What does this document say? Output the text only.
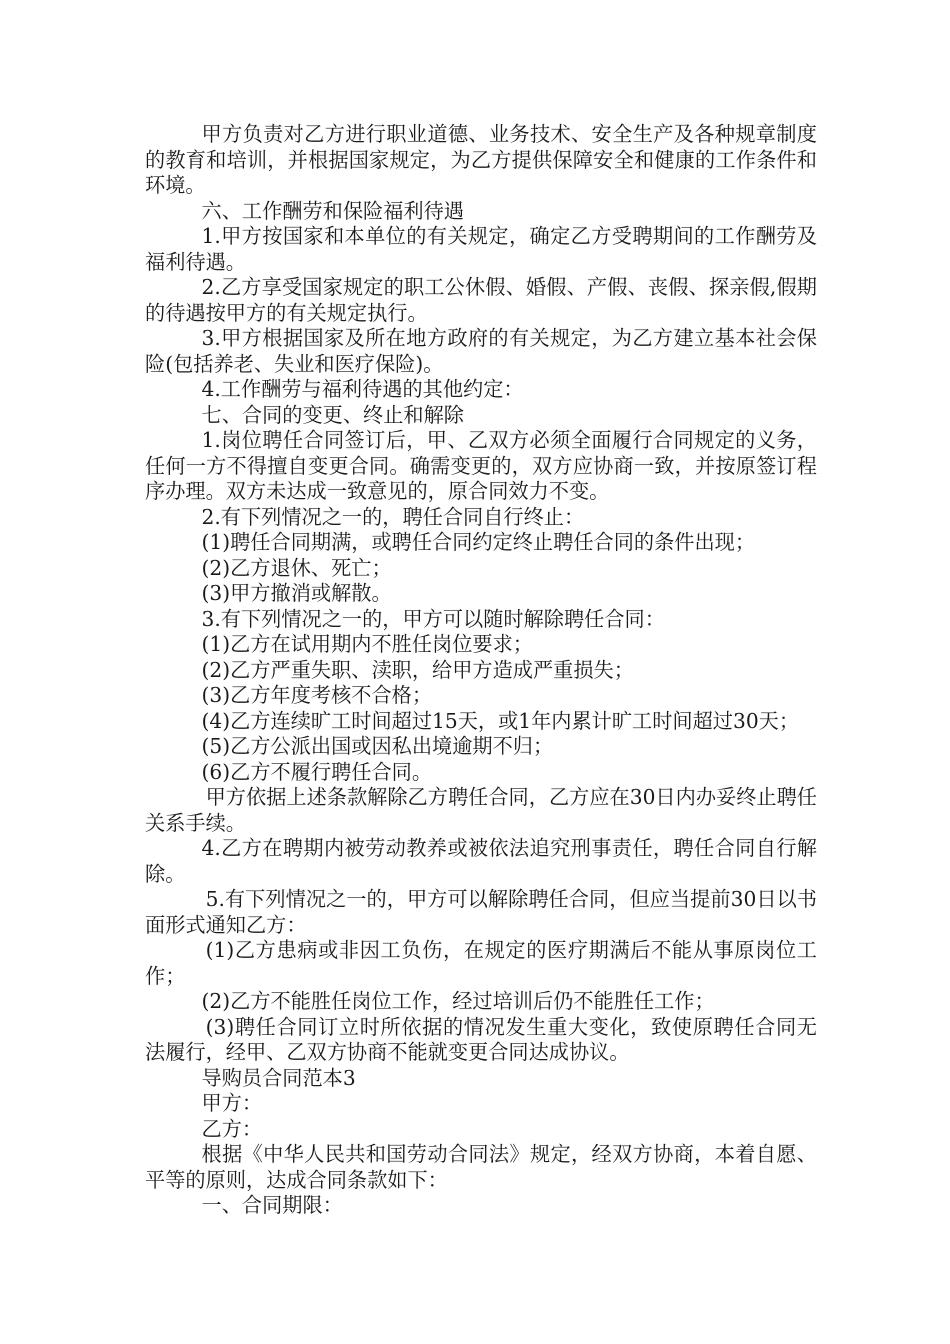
甲方负责对乙方进行职业道德、业务技术、安全生产及各种规章制度的教育和培训，并根据国家规定，为乙方提供保障安全和健康的工作条件和环境。

六、工作酬劳和保险福利待遇

1.甲方按国家和本单位的有关规定，确定乙方受聘期间的工作酬劳及福利待遇。

2.乙方享受国家规定的职工公休假、婚假、产假、丧假、探亲假,假期的待遇按甲方的有关规定执行。

3.甲方根据国家及所在地方政府的有关规定，为乙方建立基本社会保险(包括养老、失业和医疗保险)。

4.工作酬劳与福利待遇的其他约定：

七、合同的变更、终止和解除

1.岗位聘任合同签订后，甲、乙双方必须全面履行合同规定的义务，任何一方不得擅自变更合同。确需变更的，双方应协商一致，并按原签订程序办理。双方未达成一致意见的，原合同效力不变。

2.有下列情况之一的，聘任合同自行终止：

(1)聘任合同期满，或聘任合同约定终止聘任合同的条件出现；

(2)乙方退休、死亡；

(3)甲方撤消或解散。

3.有下列情况之一的，甲方可以随时解除聘任合同：

(1)乙方在试用期内不胜任岗位要求；

(2)乙方严重失职、渎职，给甲方造成严重损失；

(3)乙方年度考核不合格；

(4)乙方连续旷工时间超过15天，或1年内累计旷工时间超过30天；

(5)乙方公派出国或因私出境逾期不归；

(6)乙方不履行聘任合同。

甲方依据上述条款解除乙方聘任合同，乙方应在30日内办妥终止聘任关系手续。

4.乙方在聘期内被劳动教养或被依法追究刑事责任，聘任合同自行解除。

5.有下列情况之一的，甲方可以解除聘任合同，但应当提前30日以书面形式通知乙方：

(1)乙方患病或非因工负伤，在规定的医疗期满后不能从事原岗位工作；

(2)乙方不能胜任岗位工作，经过培训后仍不能胜任工作；

(3)聘任合同订立时所依据的情况发生重大变化，致使原聘任合同无法履行，经甲、乙双方协商不能就变更合同达成协议。

导购员合同范本3

甲方：

乙方：

根据《中华人民共和国劳动合同法》规定，经双方协商，本着自愿、平等的原则，达成合同条款如下：

一、合同期限：
